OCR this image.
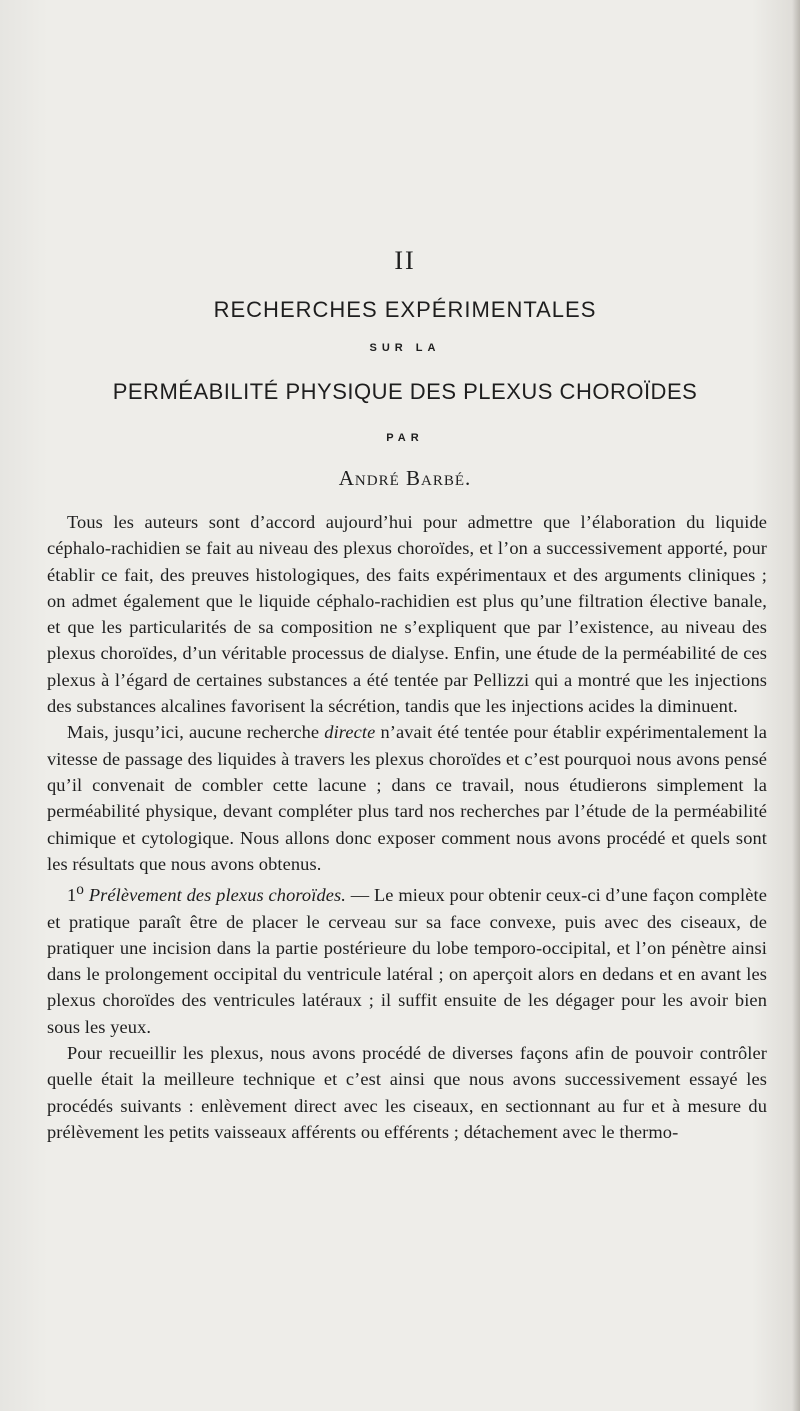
II
RECHERCHES EXPÉRIMENTALES
SUR LA
PERMÉABILITÉ PHYSIQUE DES PLEXUS CHOROÏDES
PAR
André Barbé.

Tous les auteurs sont d’accord aujourd’hui pour admettre que l’élaboration du liquide céphalo-rachidien se fait au niveau des plexus choroïdes, et l’on a successivement apporté, pour établir ce fait, des preuves histologiques, des faits expérimentaux et des arguments cliniques ; on admet également que le liquide céphalo-rachidien est plus qu’une filtration élective banale, et que les particularités de sa composition ne s’expliquent que par l’existence, au niveau des plexus choroïdes, d’un véritable processus de dialyse. Enfin, une étude de la perméabilité de ces plexus à l’égard de certaines substances a été tentée par Pellizzi qui a montré que les injections des substances alcalines favorisent la sécrétion, tandis que les injections acides la diminuent.

Mais, jusqu’ici, aucune recherche directe n’avait été tentée pour établir expérimentalement la vitesse de passage des liquides à travers les plexus choroïdes et c’est pourquoi nous avons pensé qu’il convenait de combler cette lacune ; dans ce travail, nous étudierons simplement la perméabilité physique, devant compléter plus tard nos recherches par l’étude de la perméabilité chimique et cytologique. Nous allons donc exposer comment nous avons procédé et quels sont les résultats que nous avons obtenus.

1$^o$ Prélèvement des plexus choroïdes. — Le mieux pour obtenir ceux-ci d’une façon complète et pratique paraît être de placer le cerveau sur sa face convexe, puis avec des ciseaux, de pratiquer une incision dans la partie postérieure du lobe temporo-occipital, et l’on pénètre ainsi dans le prolongement occipital du ventricule latéral ; on aperçoit alors en dedans et en avant les plexus choroïdes des ventricules latéraux ; il suffit ensuite de les dégager pour les avoir bien sous les yeux.

Pour recueillir les plexus, nous avons procédé de diverses façons afin de pouvoir contrôler quelle était la meilleure technique et c’est ainsi que nous avons successivement essayé les procédés suivants : enlèvement direct avec les ciseaux, en sectionnant au fur et à mesure du prélèvement les petits vaisseaux afférents ou efférents ; détachement avec le thermo-
